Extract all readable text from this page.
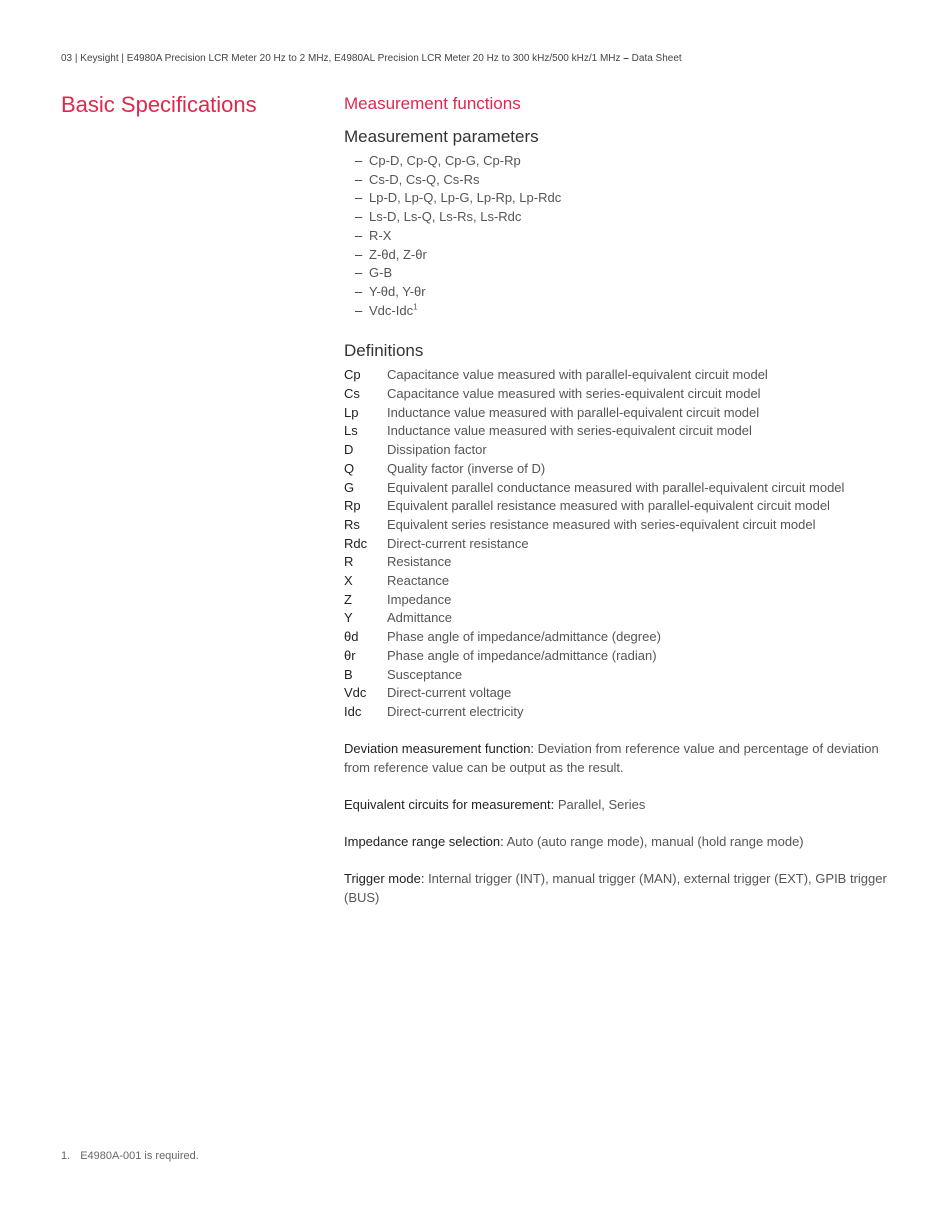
03 | Keysight | E4980A Precision LCR Meter 20 Hz to 2 MHz, E4980AL Precision LCR Meter 20 Hz to 300 kHz/500 kHz/1 MHz – Data Sheet
Basic Specifications	Measurement functions
Measurement parameters
– Cp-D, Cp-Q, Cp-G, Cp-Rp
– Cs-D, Cs-Q, Cs-Rs
– Lp-D, Lp-Q, Lp-G, Lp-Rp, Lp-Rdc
– Ls-D, Ls-Q, Ls-Rs, Ls-Rdc
– R-X
– Z-θd, Z-θr
– G-B
– Y-θd, Y-θr
– Vdc-Idc$^1$
Definitions
Cp	Capacitance value measured with parallel-equivalent circuit model
Cs	Capacitance value measured with series-equivalent circuit model
Lp	Inductance value measured with parallel-equivalent circuit model
Ls	Inductance value measured with series-equivalent circuit model
D	Dissipation factor
Q	Quality factor (inverse of D)
G	Equivalent parallel conductance measured with parallel-equivalent circuit model
Rp	Equivalent parallel resistance measured with parallel-equivalent circuit model
Rs	Equivalent series resistance measured with series-equivalent circuit model
Rdc	Direct-current resistance
R	Resistance
X	Reactance
Z	Impedance
Y	Admittance
θd	Phase angle of impedance/admittance (degree)
θr	Phase angle of impedance/admittance (radian)
B	Susceptance
Vdc	Direct-current voltage
Idc	Direct-current electricity

Deviation measurement function: Deviation from reference value and percentage of deviation from reference value can be output as the result.

Equivalent circuits for measurement: Parallel, Series

Impedance range selection: Auto (auto range mode), manual (hold range mode)

Trigger mode: Internal trigger (INT), manual trigger (MAN), external trigger (EXT), GPIB trigger (BUS)

1. E4980A-001 is required.
